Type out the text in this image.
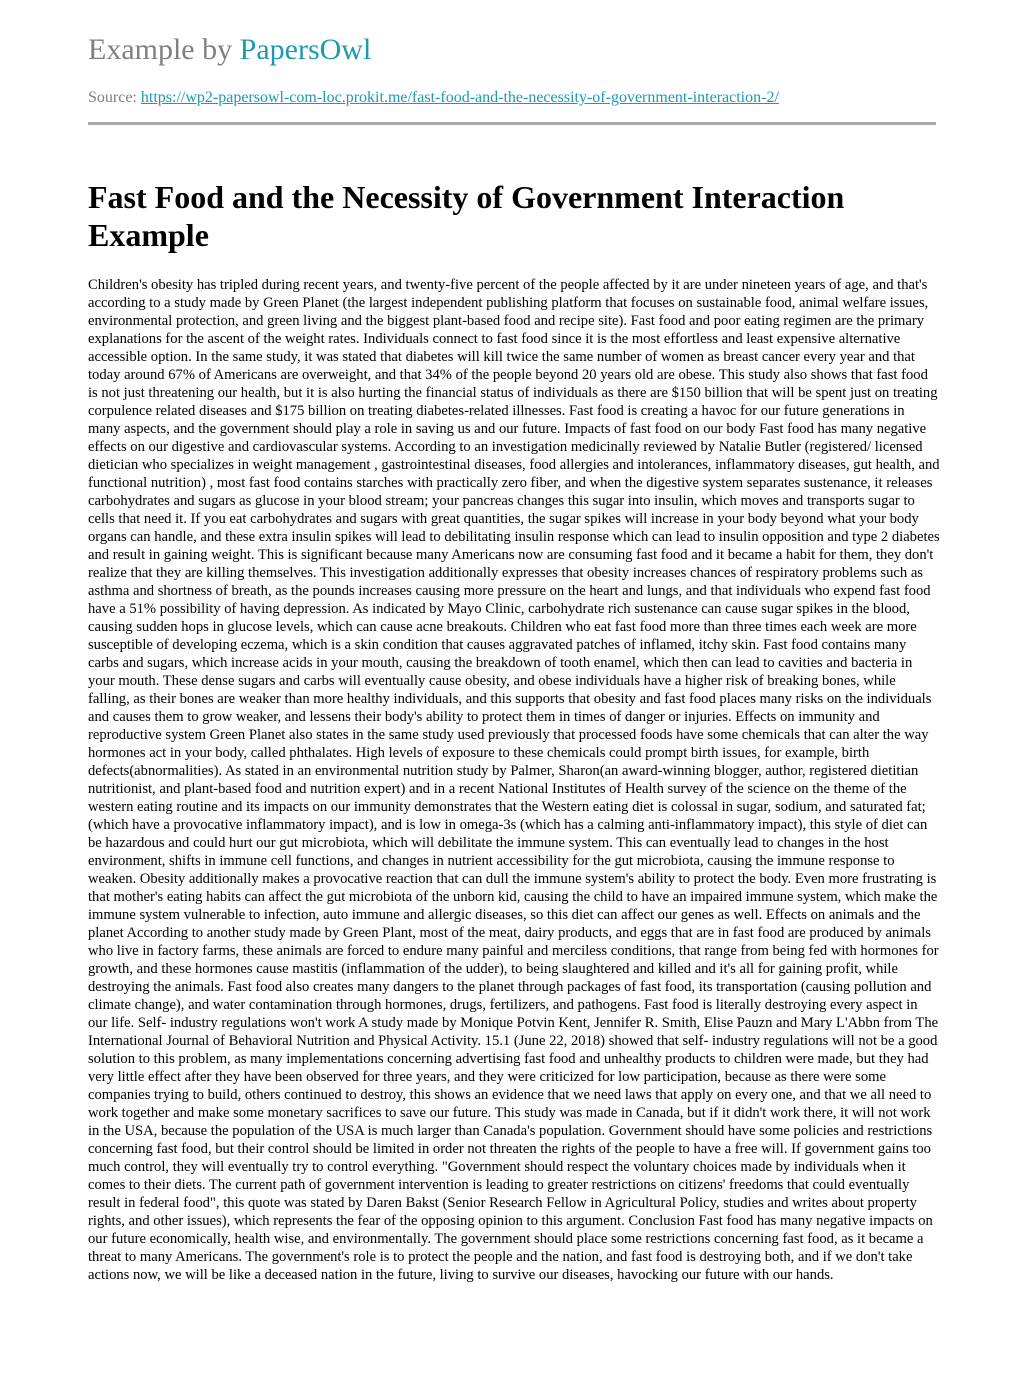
Example by PapersOwl
Source: https://wp2-papersowl-com-loc.prokit.me/fast-food-and-the-necessity-of-government-interaction-2/
Fast Food and the Necessity of Government Interaction Example

Children's obesity has tripled during recent years, and twenty-five percent of the people affected by it are under nineteen years of age, and that's according to a study made by Green Planet (the largest independent publishing platform that focuses on sustainable food, animal welfare issues, environmental protection, and green living and the biggest plant-based food and recipe site). Fast food and poor eating regimen are the primary explanations for the ascent of the weight rates. Individuals connect to fast food since it is the most effortless and least expensive alternative accessible option. In the same study, it was stated that diabetes will kill twice the same number of women as breast cancer every year and that today around 67% of Americans are overweight, and that 34% of the people beyond 20 years old are obese. This study also shows that fast food is not just threatening our health, but it is also hurting the financial status of individuals as there are $150 billion that will be spent just on treating corpulence related diseases and $175 billion on treating diabetes-related illnesses. Fast food is creating a havoc for our future generations in many aspects, and the government should play a role in saving us and our future. Impacts of fast food on our body Fast food has many negative effects on our digestive and cardiovascular systems. According to an investigation medicinally reviewed by Natalie Butler (registered/ licensed dietician who specializes in weight management , gastrointestinal diseases, food allergies and intolerances, inflammatory diseases, gut health, and functional nutrition) , most fast food contains starches with practically zero fiber, and when the digestive system separates sustenance, it releases carbohydrates and sugars as glucose in your blood stream; your pancreas changes this sugar into insulin, which moves and transports sugar to cells that need it. If you eat carbohydrates and sugars with great quantities, the sugar spikes will increase in your body beyond what your body organs can handle, and these extra insulin spikes will lead to debilitating insulin response which can lead to insulin opposition and type 2 diabetes and result in gaining weight. This is significant because many Americans now are consuming fast food and it became a habit for them, they don't realize that they are killing themselves. This investigation additionally expresses that obesity increases chances of respiratory problems such as asthma and shortness of breath, as the pounds increases causing more pressure on the heart and lungs, and that individuals who expend fast food have a 51% possibility of having depression. As indicated by Mayo Clinic, carbohydrate rich sustenance can cause sugar spikes in the blood, causing sudden hops in glucose levels, which can cause acne breakouts. Children who eat fast food more than three times each week are more susceptible of developing eczema, which is a skin condition that causes aggravated patches of inflamed, itchy skin. Fast food contains many carbs and sugars, which increase acids in your mouth, causing the breakdown of tooth enamel, which then can lead to cavities and bacteria in your mouth. These dense sugars and carbs will eventually cause obesity, and obese individuals have a higher risk of breaking bones, while falling, as their bones are weaker than more healthy individuals, and this supports that obesity and fast food places many risks on the individuals and causes them to grow weaker, and lessens their body's ability to protect them in times of danger or injuries. Effects on immunity and reproductive system Green Planet also states in the same study used previously that processed foods have some chemicals that can alter the way hormones act in your body, called phthalates. High levels of exposure to these chemicals could prompt birth issues, for example, birth defects(abnormalities). As stated in an environmental nutrition study by Palmer, Sharon(an award-winning blogger, author, registered dietitian nutritionist, and plant-based food and nutrition expert) and in a recent National Institutes of Health survey of the science on the theme of the western eating routine and its impacts on our immunity demonstrates that the Western eating diet is colossal in sugar, sodium, and saturated fat; (which have a provocative inflammatory impact), and is low in omega-3s (which has a calming anti-inflammatory impact), this style of diet can be hazardous and could hurt our gut microbiota, which will debilitate the immune system. This can eventually lead to changes in the host environment, shifts in immune cell functions, and changes in nutrient accessibility for the gut microbiota, causing the immune response to weaken. Obesity additionally makes a provocative reaction that can dull the immune system's ability to protect the body. Even more frustrating is that mother's eating habits can affect the gut microbiota of the unborn kid, causing the child to have an impaired immune system, which make the immune system vulnerable to infection, auto immune and allergic diseases, so this diet can affect our genes as well. Effects on animals and the planet According to another study made by Green Plant, most of the meat, dairy products, and eggs that are in fast food are produced by animals who live in factory farms, these animals are forced to endure many painful and merciless conditions, that range from being fed with hormones for growth, and these hormones cause mastitis (inflammation of the udder), to being slaughtered and killed and it's all for gaining profit, while destroying the animals. Fast food also creates many dangers to the planet through packages of fast food, its transportation (causing pollution and climate change), and water contamination through hormones, drugs, fertilizers, and pathogens. Fast food is literally destroying every aspect in our life. Self- industry regulations won't work A study made by Monique Potvin Kent, Jennifer R. Smith, Elise Pauzn and Mary L'Abbn from The International Journal of Behavioral Nutrition and Physical Activity. 15.1 (June 22, 2018) showed that self- industry regulations will not be a good solution to this problem, as many implementations concerning advertising fast food and unhealthy products to children were made, but they had very little effect after they have been observed for three years, and they were criticized for low participation, because as there were some companies trying to build, others continued to destroy, this shows an evidence that we need laws that apply on every one, and that we all need to work together and make some monetary sacrifices to save our future. This study was made in Canada, but if it didn't work there, it will not work in the USA, because the population of the USA is much larger than Canada's population. Government should have some policies and restrictions concerning fast food, but their control should be limited in order not threaten the rights of the people to have a free will. If government gains too much control, they will eventually try to control everything. "Government should respect the voluntary choices made by individuals when it comes to their diets. The current path of government intervention is leading to greater restrictions on citizens' freedoms that could eventually result in federal food", this quote was stated by Daren Bakst (Senior Research Fellow in Agricultural Policy, studies and writes about property rights, and other issues), which represents the fear of the opposing opinion to this argument. Conclusion Fast food has many negative impacts on our future economically, health wise, and environmentally. The government should place some restrictions concerning fast food, as it became a threat to many Americans. The government's role is to protect the people and the nation, and fast food is destroying both, and if we don't take actions now, we will be like a deceased nation in the future, living to survive our diseases, havocking our future with our hands.
